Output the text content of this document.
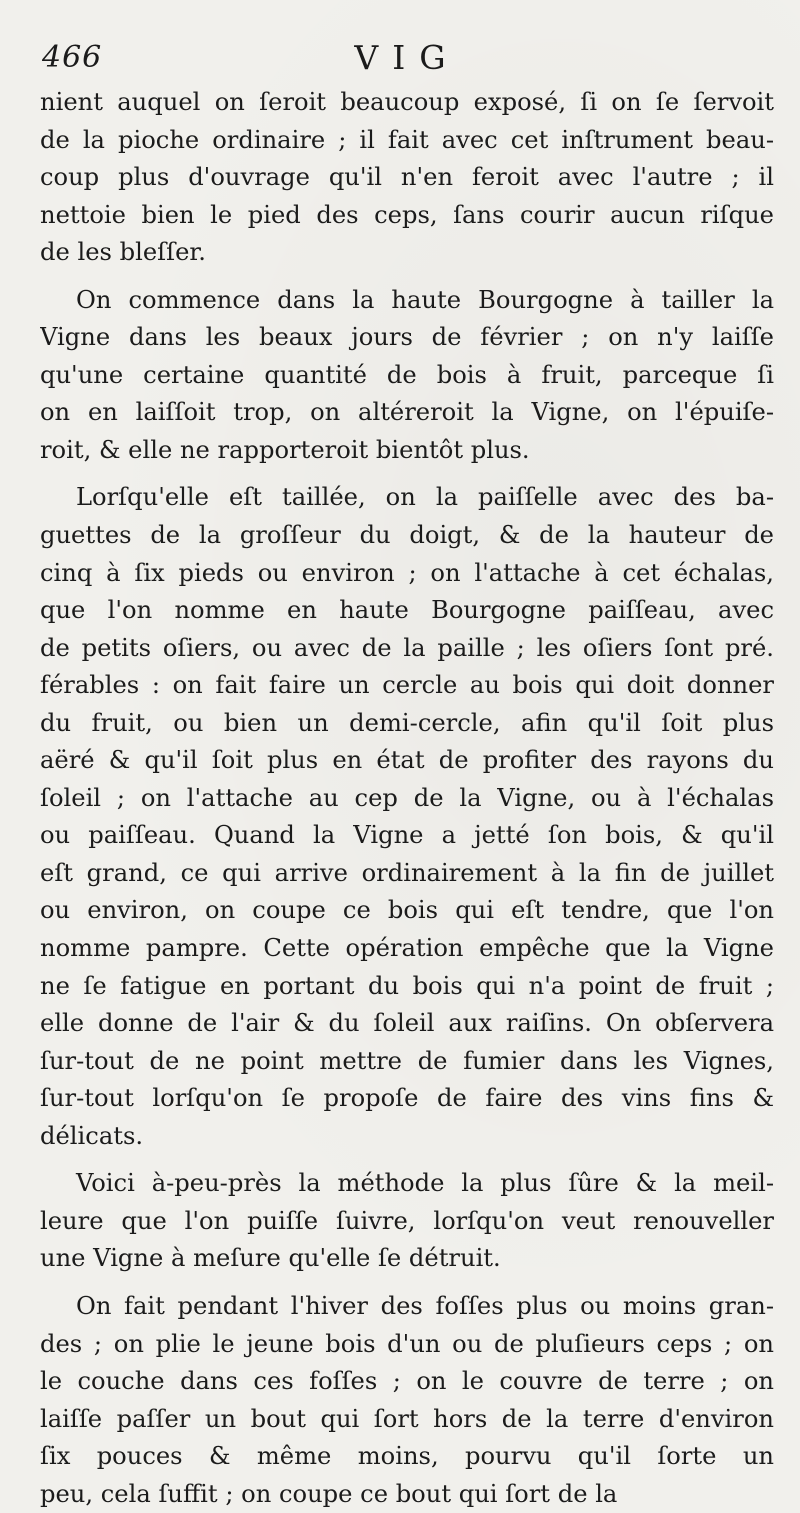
466	VIG
nient auquel on ſeroit beaucoup exposé, ſi on ſe ſervoit
de la pioche ordinaire ; il fait avec cet inſtrument beau-
coup plus d'ouvrage qu'il n'en feroit avec l'autre ; il
nettoie bien le pied des ceps, ſans courir aucun riſque
de les bleſſer.
On commence dans la haute Bourgogne à tailler la
Vigne dans les beaux jours de février ; on n'y laiſſe
qu'une certaine quantité de bois à fruit, parceque ſi
on en laiſſoit trop, on altéreroit la Vigne, on l'épuiſe-
roit, & elle ne rapporteroit bientôt plus.
Lorſqu'elle eſt taillée, on la paiſſelle avec des ba-
guettes de la groſſeur du doigt, & de la hauteur de
cinq à ſix pieds ou environ ; on l'attache à cet échalas,
que l'on nomme en haute Bourgogne paiſſeau, avec
de petits oſiers, ou avec de la paille ; les oſiers ſont pré.
férables : on fait faire un cercle au bois qui doit donner
du fruit, ou bien un demi-cercle, afin qu'il ſoit plus
aëré & qu'il ſoit plus en état de profiter des rayons du
ſoleil ; on l'attache au cep de la Vigne, ou à l'échalas
ou paiſſeau. Quand la Vigne a jetté ſon bois, & qu'il
eſt grand, ce qui arrive ordinairement à la fin de juillet
ou environ, on coupe ce bois qui eſt tendre, que l'on
nomme pampre. Cette opération empêche que la Vigne
ne ſe fatigue en portant du bois qui n'a point de fruit ;
elle donne de l'air & du ſoleil aux raiſins. On obſervera
ſur-tout de ne point mettre de fumier dans les Vignes,
ſur-tout lorſqu'on ſe propoſe de faire des vins fins &
délicats.
Voici à-peu-près la méthode la plus ſûre & la meil-
leure que l'on puiſſe ſuivre, lorſqu'on veut renouveller
une Vigne à meſure qu'elle ſe détruit.
On fait pendant l'hiver des foſſes plus ou moins gran-
des ; on plie le jeune bois d'un ou de pluſieurs ceps ; on
le couche dans ces foſſes ; on le couvre de terre ; on
laiſſe paſſer un bout qui ſort hors de la terre d'environ
ſix pouces & même moins, pourvu qu'il ſorte un
peu, cela ſuffit ; on coupe ce bout qui ſort de la
